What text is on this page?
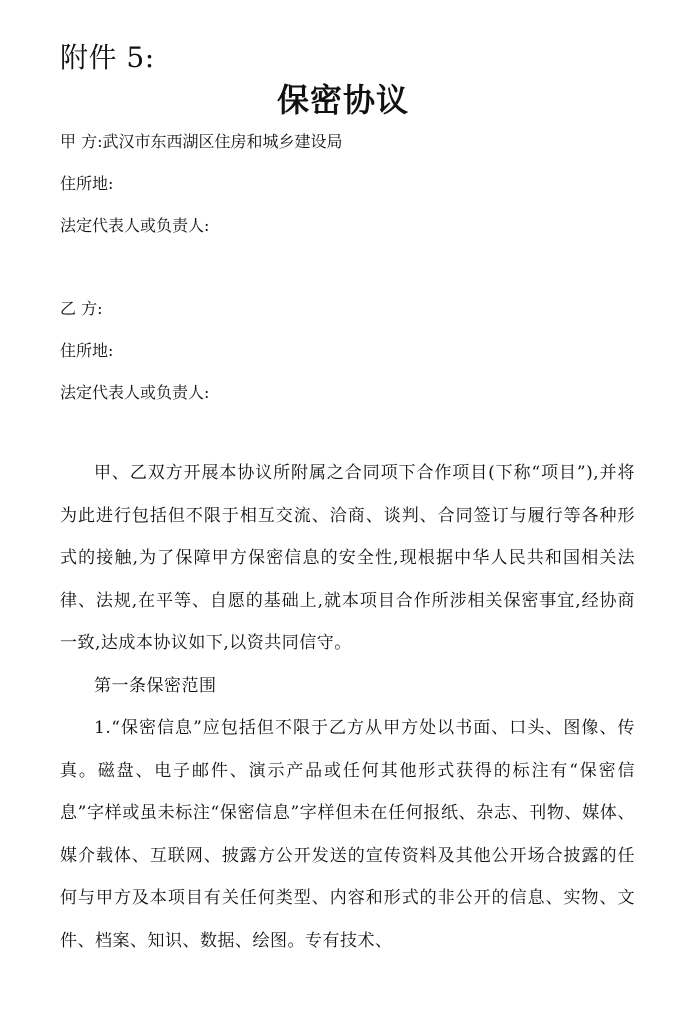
附件 5:
保密协议
甲 方:武汉市东西湖区住房和城乡建设局
住所地:
法定代表人或负责人:
乙 方:
住所地:
法定代表人或负责人:

甲、乙双方开展本协议所附属之合同项下合作项目(下称“项目”),并将为此进行包括但不限于相互交流、洽商、谈判、合同签订与履行等各种形式的接触,为了保障甲方保密信息的安全性,现根据中华人民共和国相关法律、法规,在平等、自愿的基础上,就本项目合作所涉相关保密事宜,经协商一致,达成本协议如下,以资共同信守。

第一条保密范围

1.“保密信息”应包括但不限于乙方从甲方处以书面、口头、图像、传真。磁盘、电子邮件、演示产品或任何其他形式获得的标注有“保密信息”字样或虽未标注“保密信息”字样但未在任何报纸、杂志、刊物、媒体、媒介载体、互联网、披露方公开发送的宣传资料及其他公开场合披露的任何与甲方及本项目有关任何类型、内容和形式的非公开的信息、实物、文件、档案、知识、数据、绘图。专有技术、
